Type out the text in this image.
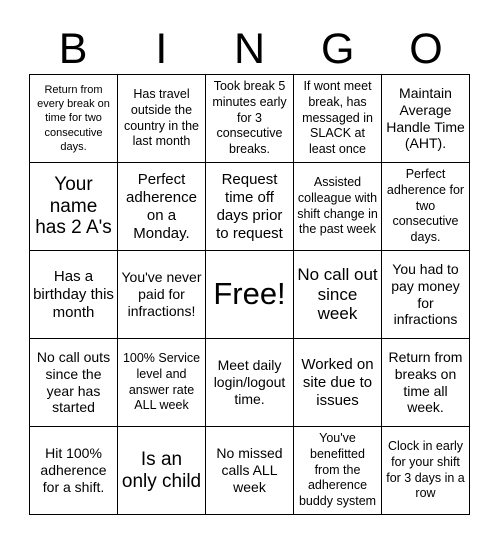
B	I	N	G	O
Return from every break on time for two consecutive days.
Has travel outside the country in the last month
Took break 5 minutes early for 3 consecutive breaks.
If wont meet break, has messaged in SLACK at least once
Maintain Average Handle Time (AHT).
Your name has 2 A's
Perfect adherence on a Monday.
Request time off days prior to request
Assisted colleague with shift change in the past week
Perfect adherence for two consecutive days.
Has a birthday this month
You've never paid for infractions! Free!
No call out since week
You had to pay money for infractions
No call outs since the year has started
100% Service level and answer rate ALL week
Meet daily login/logout time.
Worked on site due to issues
Return from breaks on time all week.
Hit 100% adherence for a shift.
Is an only child
No missed calls ALL week
You've benefitted from the adherence buddy system
Clock in early for your shift for 3 days in a row
